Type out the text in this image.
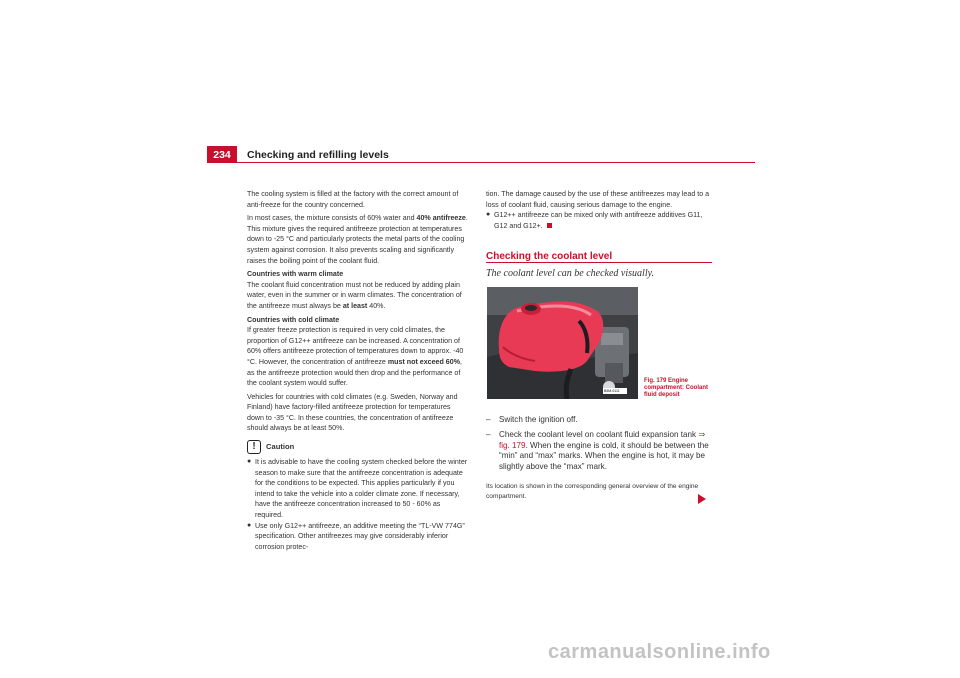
234	Checking and refilling levels

The cooling system is filled at the factory with the correct amount of anti-freeze for the country concerned.

In most cases, the mixture consists of 60% water and 40% antifreeze. This mixture gives the required antifreeze protection at temperatures down to -25 °C and particularly protects the metal parts of the cooling system against corrosion. It also prevents scaling and significantly raises the boiling point of the coolant fluid.

Countries with warm climate

The coolant fluid concentration must not be reduced by adding plain water, even in the summer or in warm climates. The concentration of the antifreeze must always be at least 40%.

Countries with cold climate

If greater freeze protection is required in very cold climates, the proportion of G12++ antifreeze can be increased. A concentration of 60% offers antifreeze protection of temperatures down to approx. -40 °C. However, the concentration of antifreeze must not exceed 60%, as the antifreeze protection would then drop and the performance of the coolant system would suffer.

Vehicles for countries with cold climates (e.g. Sweden, Norway and Finland) have factory-filled antifreeze protection for temperatures down to -35 °C. In these countries, the concentration of antifreeze should always be at least 50%.

!	Caution
● It is advisable to have the cooling system checked before the winter season to make sure that the antifreeze concentration is adequate for the conditions to be expected. This applies particularly if you intend to take the vehicle into a colder climate zone. If necessary, have the antifreeze concentration increased to 50 - 60% as required.
● Use only G12++ antifreeze, an additive meeting the “TL-VW 774G” specification. Other antifreezes may give considerably inferior corrosion protec-

tion. The damage caused by the use of these antifreezes may lead to a loss of coolant fluid, causing serious damage to the engine.

● G12++ antifreeze can be mixed only with antifreeze additives G11, G12 and G12+.
Checking the coolant level
The coolant level can be checked visually.
B5M-0111
Fig. 179 Engine compartment: Coolant fluid deposit
–	Switch the ignition off.
–	Check the coolant level on coolant fluid expansion tank ⇒ fig. 179. When the engine is cold, it should be between the “min” and “max” marks. When the engine is hot, it may be slightly above the “max” mark.
Its location is shown in the corresponding general overview of the engine compartment.
carmanualsonline.info
